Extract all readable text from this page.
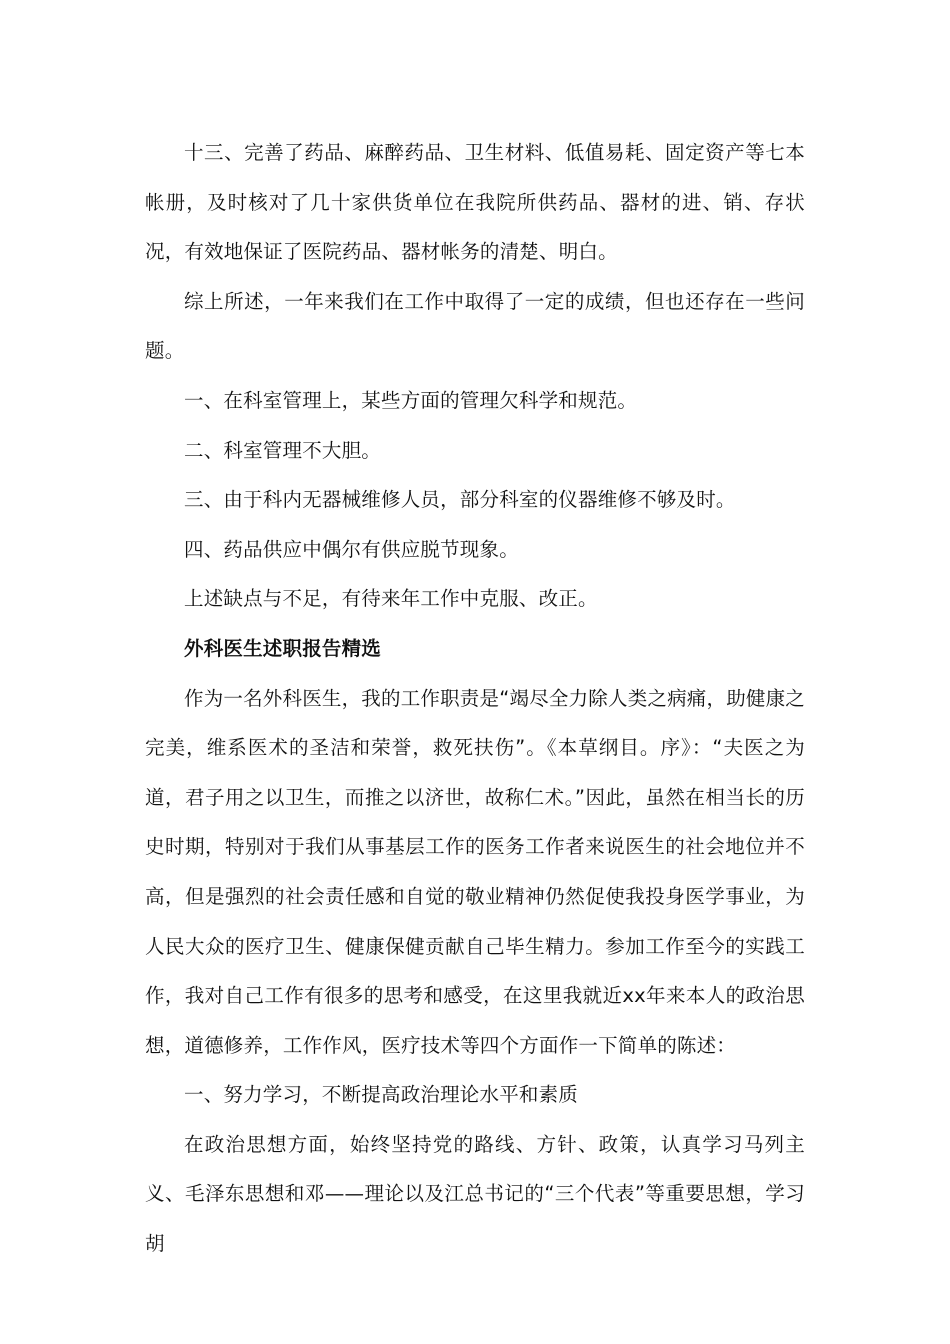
十三、完善了药品、麻醉药品、卫生材料、低值易耗、固定资产等七本帐册，及时核对了几十家供货单位在我院所供药品、器材的进、销、存状况，有效地保证了医院药品、器材帐务的清楚、明白。

综上所述，一年来我们在工作中取得了一定的成绩，但也还存在一些问题。

一、在科室管理上，某些方面的管理欠科学和规范。

二、科室管理不大胆。

三、由于科内无器械维修人员，部分科室的仪器维修不够及时。

四、药品供应中偶尔有供应脱节现象。

上述缺点与不足，有待来年工作中克服、改正。

外科医生述职报告精选

作为一名外科医生，我的工作职责是“竭尽全力除人类之病痛，助健康之完美，维系医术的圣洁和荣誉，救死扶伤”。《本草纲目。序》：“夫医之为道，君子用之以卫生，而推之以济世，故称仁术。”因此，虽然在相当长的历史时期，特别对于我们从事基层工作的医务工作者来说医生的社会地位并不高，但是强烈的社会责任感和自觉的敬业精神仍然促使我投身医学事业，为人民大众的医疗卫生、健康保健贡献自己毕生精力。参加工作至今的实践工作，我对自己工作有很多的思考和感受，在这里我就近xx年来本人的政治思想，道德修养，工作作风，医疗技术等四个方面作一下简单的陈述：

一、努力学习，不断提高政治理论水平和素质

在政治思想方面，始终坚持党的路线、方针、政策，认真学习马列主义、毛泽东思想和邓——理论以及江总书记的“三个代表”等重要思想，学习胡
